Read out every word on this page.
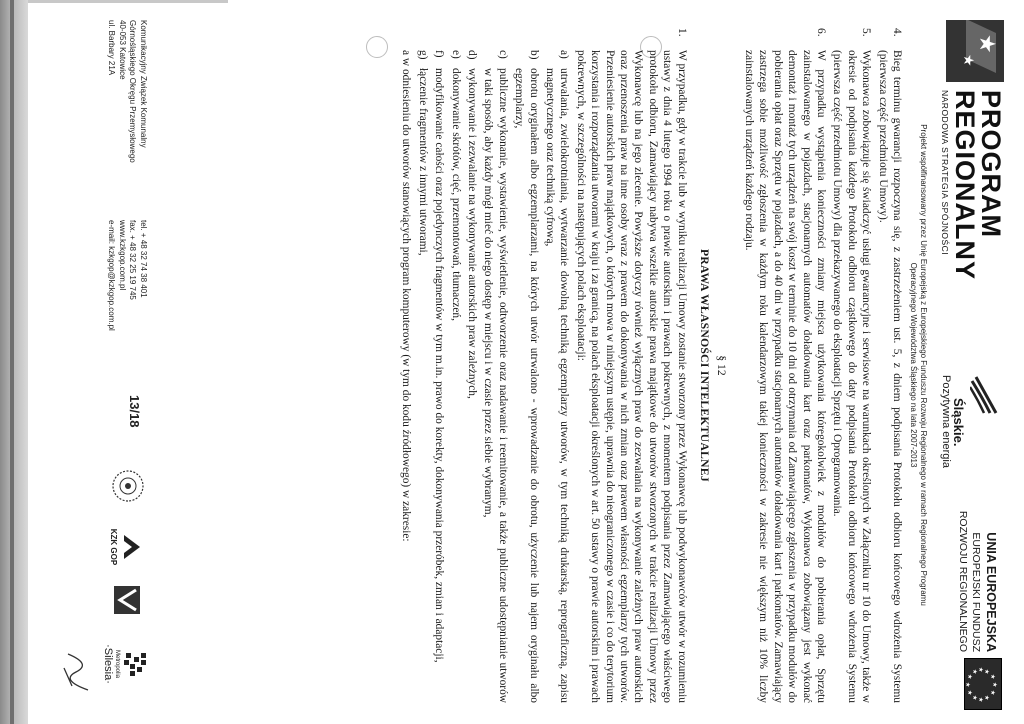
★
★
PROGRAM
REGIONALNY
NARODOWA STRATEGIA SPÓJNOŚCI
Śląskie.
Pozytywna energia
UNIA EUROPEJSKA
EUROPEJSKI FUNDUSZ
ROZWOJU REGIONALNEGO
★
★
★
★
★
★
★
★
★ ★ ★
★
Projekt współfinansowany przez Unię Europejską z Europejskiego Funduszu Rozwoju Regionalnego w ramach Regionalnego Programu
Operacyjnego Województwa Śląskiego na lata 2007-2013
4.
Bieg terminu gwarancji rozpoczyna się, z zastrzeżeniem ust. 5, z dniem podpisania Protokołu odbioru końcowego wdrożenia Systemu (pierwsza część przedmiotu Umowy).
5.
Wykonawca zobowiązuje się świadczyć usługi gwarancyjne i serwisowe na warunkach określonych w Załączniku nr 10 do Umowy, także w okresie od podpisania każdego Protokołu odbioru cząstkowego do daty podpisania Protokołu odbioru końcowego wdrożenia Systemu (pierwsza część przedmiotu Umowy) dla przekazywanego do eksploatacji Sprzętu i Oprogramowania.
6.
W przypadku wystąpienia konieczności zmiany miejsca użytkowania któregokolwiek z modułów do pobierania opłat, Sprzętu zainstalowanego w pojazdach, stacjonarnych automatów doładowania kart oraz parkomatów, Wykonawca zobowiązany jest wykonać demontaż i montaż tych urządzeń na swój koszt w terminie do 10 dni od otrzymania od Zamawiającego zgłoszenia w przypadku modułów do pobierania opłat oraz Sprzętu w pojazdach, a do 40 dni w przypadku stacjonarnych automatów doładowania kart i parkomatów. Zamawiający zastrzega sobie możliwość zgłoszenia w każdym roku kalendarzowym takiej konieczności w zakresie nie większym niż 10% liczby zainstalowanych urządzeń każdego rodzaju.
§ 12
PRAWA WŁASNOŚCI INTELEKTUALNEJ
1.
W przypadku, gdy w trakcie lub w wyniku realizacji Umowy zostanie stworzony przez Wykonawcę lub podwykonawców utwór w rozumieniu ustawy z dnia 4 lutego 1994 roku o prawie autorskim i prawach pokrewnych, z momentem podpisania przez Zamawiającego właściwego protokołu odbioru, Zamawiający nabywa wszelkie autorskie prawa majątkowe do utworów stworzonych w trakcie realizacji Umowy przez Wykonawcę lub na jego zlecenie. Powyższe dotyczy również wyłącznych praw do zezwalania na wykonywanie zależnych praw autorskich oraz przenoszenia praw na inne osoby wraz z prawem do dokonywania w nich zmian oraz prawem własności egzemplarzy tych utworów. Przeniesienie autorskich praw majątkowych, o których mowa w niniejszym ustępie, uprawnia do nieograniczonego w czasie i co do terytorium korzystania i rozporządzania utworami w kraju i za granicą, na polach eksploatacji określonych w art. 50 ustawy o prawie autorskim i prawach pokrewnych, w szczególności na następujących polach eksploatacji:
a)
utrwalania, zwielokrotniania, wytwarzanie dowolną techniką egzemplarzy utworów, w tym techniką drukarską, reprograficzną, zapisu magnetycznego oraz techniką cyfrową,
b)
obrotu oryginałem albo egzemplarzami, na których utwór utrwalono - wprowadzanie do obrotu, użyczenie lub najem oryginału albo egzemplarzy,
c)
publiczne wykonanie, wystawienie, wyświetlenie, odtworzenie oraz nadawanie i reemitowanie, a także publiczne udostępnianie utworów w taki sposób, aby każdy mógł mieć do niego dostęp w miejscu i w czasie przez siebie wybranym,
d)
wykonywanie i zezwalanie na wykonywanie autorskich praw zależnych,
e)
dokonywanie skrótów, cięć, przemontowań, tłumaczeń,
f)
modyfikowanie całości oraz pojedynczych fragmentów w tym m.in. prawo do korekty, dokonywania przeróbek, zmian i adaptacji,
g)
łączenie fragmentów z innymi utworami,
a w odniesieniu do utworów stanowiących program komputerowy (w tym do kodu źródłowego) w zakresie:
Komunikacyjny Związek Komunalny
Górnośląskiego Okręgu Przemysłowego
40-053 Katowice
ul. Barbary 21A
tel. + 48 32 74 38 401
fax. + 48 32 25 19 745
www.kzkgop.com.pl
e-mail: kzkgop@kzkgop.com.pl
13/18
KZK GOP
Metropolia
·Silesia·
